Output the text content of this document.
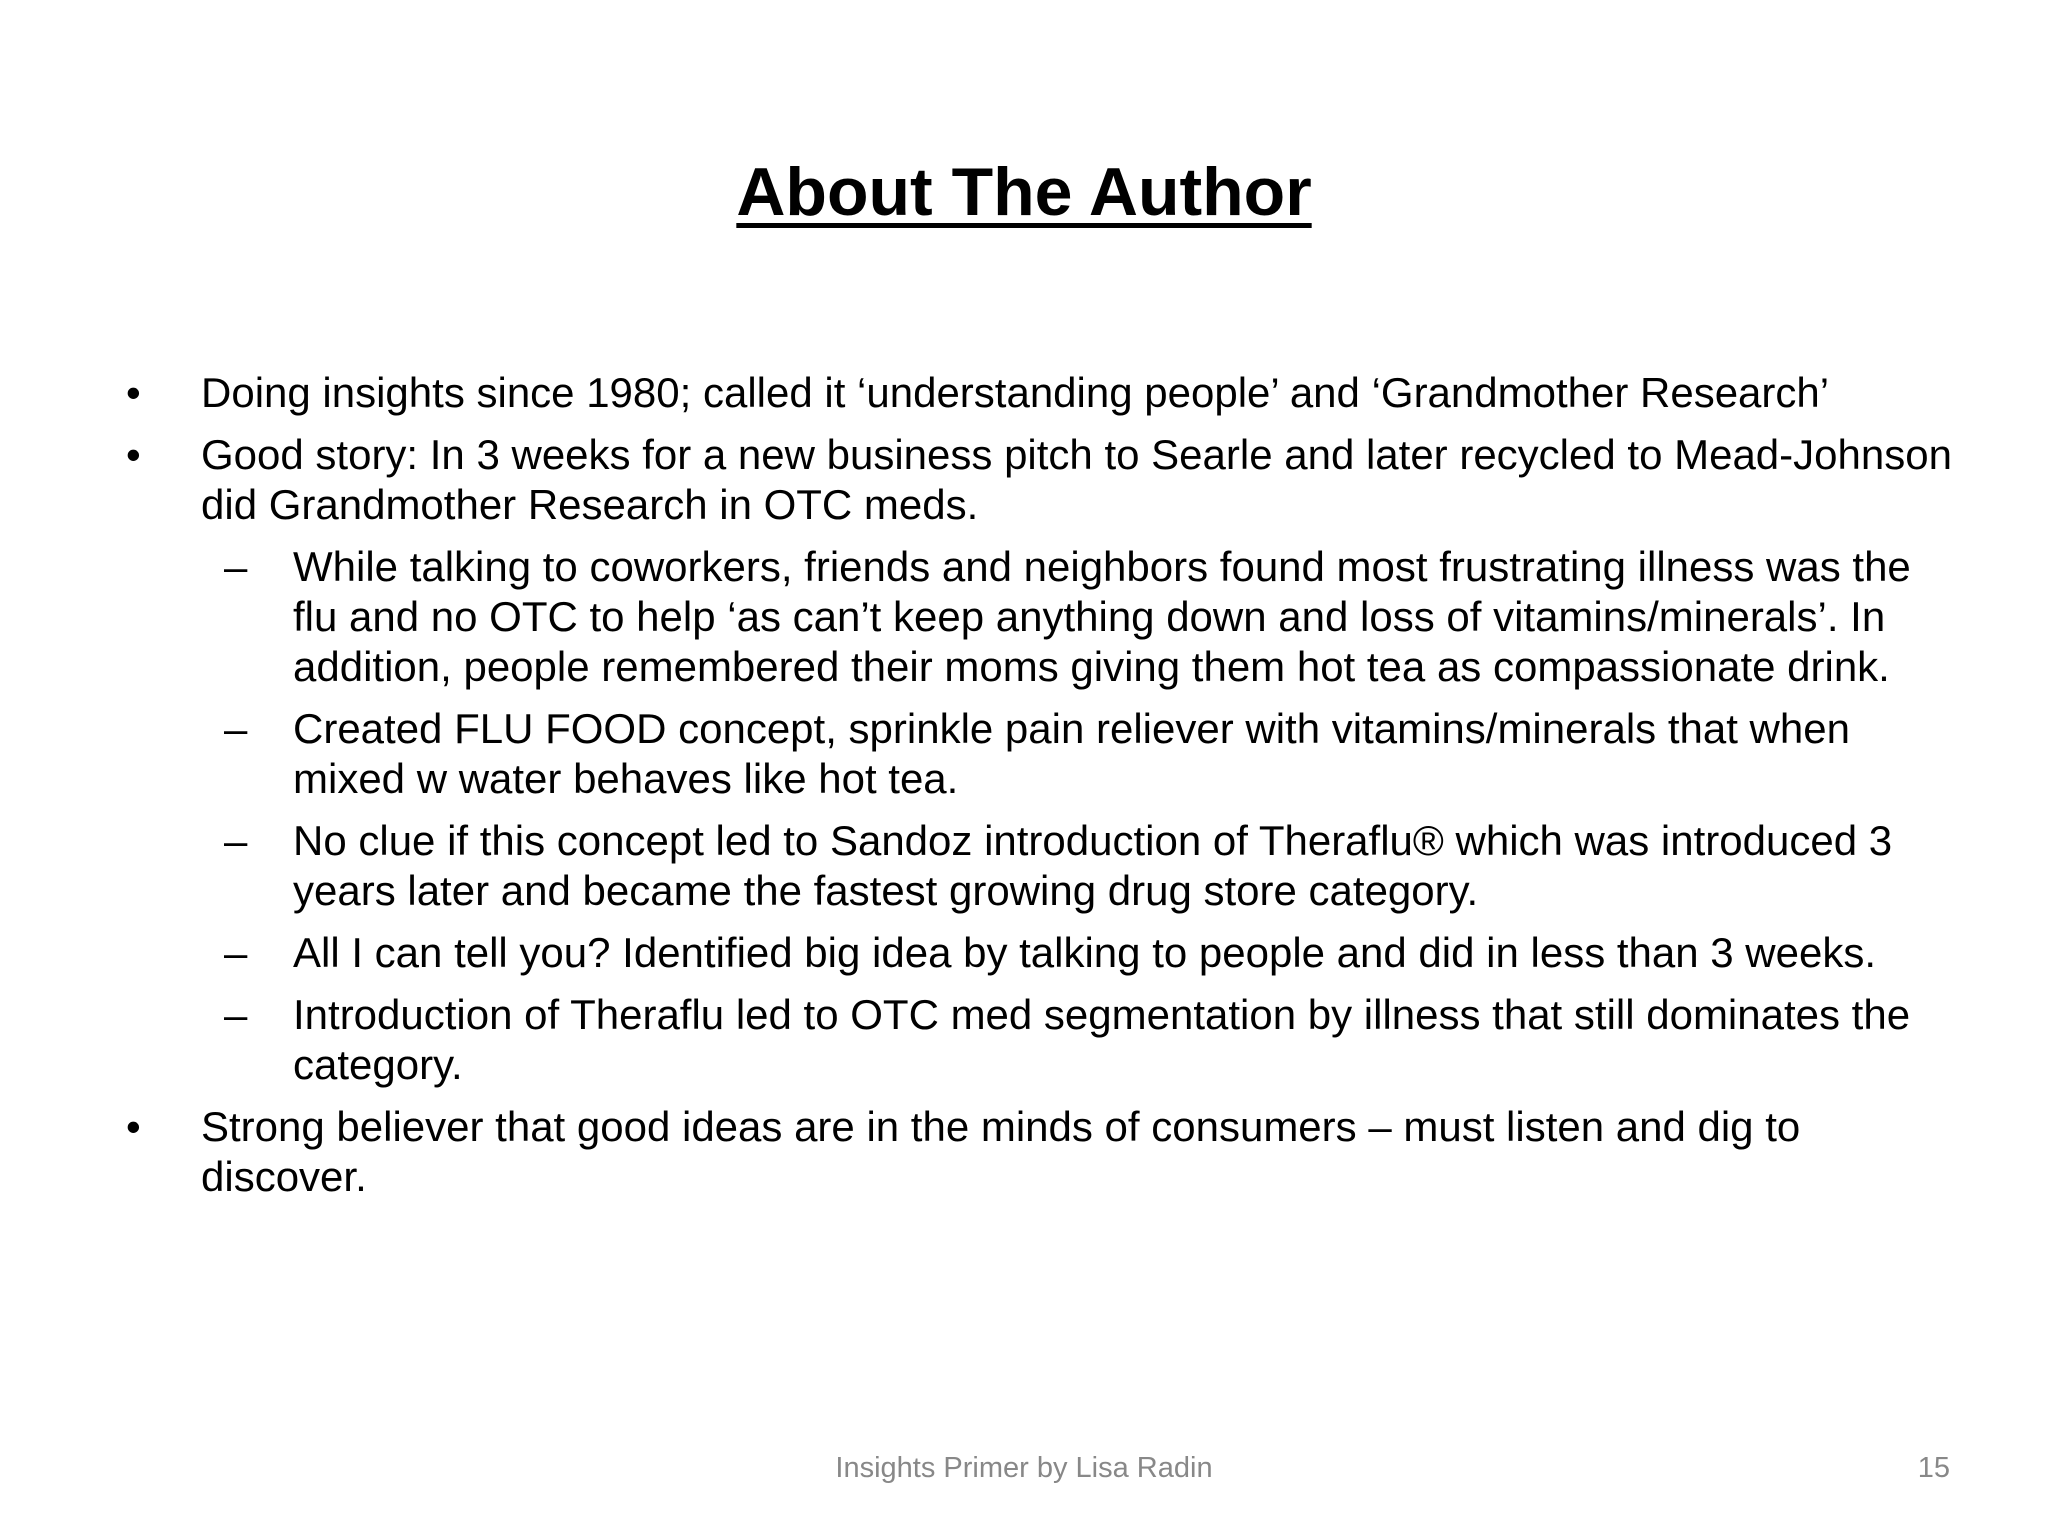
About The Author
• Doing insights since 1980; called it ‘understanding people’ and ‘Grandmother Research’
• Good story: In 3 weeks for a new business pitch to Searle and later recycled to Mead-Johnson did Grandmother Research in OTC meds.
– While talking to coworkers, friends and neighbors found most frustrating illness was the flu and no OTC to help ‘as can’t keep anything down and loss of vitamins/minerals’. In addition, people remembered their moms giving them hot tea as compassionate drink.
– Created FLU FOOD concept, sprinkle pain reliever with vitamins/minerals that when mixed w water behaves like hot tea.
– No clue if this concept led to Sandoz introduction of Theraflu® which was introduced 3 years later and became the fastest growing drug store category.
– All I can tell you? Identified big idea by talking to people and did in less than 3 weeks.
– Introduction of Theraflu led to OTC med segmentation by illness that still dominates the category.
• Strong believer that good ideas are in the minds of consumers – must listen and dig to discover.
Insights Primer by Lisa Radin	15
